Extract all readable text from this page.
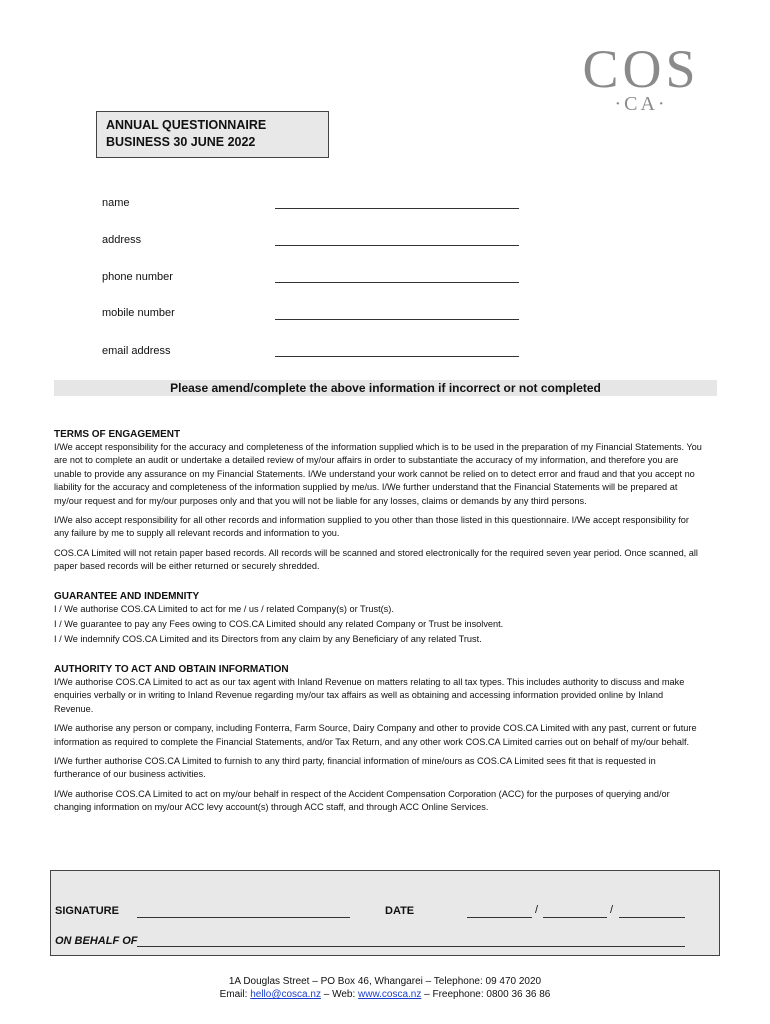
COS
·CA·
ANNUAL QUESTIONNAIRE
BUSINESS 30 JUNE 2022
name
address
phone number
mobile number
email address
Please amend/complete the above information if incorrect or not completed
TERMS OF ENGAGEMENT

I/We accept responsibility for the accuracy and completeness of the information supplied which is to be used in the preparation of my Financial Statements. You are not to complete an audit or undertake a detailed review of my/our affairs in order to substantiate the accuracy of my information, and therefore you are unable to provide any assurance on my Financial Statements. I/We understand your work cannot be relied on to detect error and fraud and that you accept no liability for the accuracy and completeness of the information supplied by me/us. I/We further understand that the Financial Statements will be prepared at my/our request and for my/our purposes only and that you will not be liable for any losses, claims or demands by any third persons.

I/We also accept responsibility for all other records and information supplied to you other than those listed in this questionnaire. I/We accept responsibility for any failure by me to supply all relevant records and information to you.

COS.CA Limited will not retain paper based records. All records will be scanned and stored electronically for the required seven year period. Once scanned, all paper based records will be either returned or securely shredded.

GUARANTEE AND INDEMNITY

I / We authorise COS.CA Limited to act for me / us / related Company(s) or Trust(s).

I / We guarantee to pay any Fees owing to COS.CA Limited should any related Company or Trust be insolvent.

I / We indemnify COS.CA Limited and its Directors from any claim by any Beneficiary of any related Trust.

AUTHORITY TO ACT AND OBTAIN INFORMATION

I/We authorise COS.CA Limited to act as our tax agent with Inland Revenue on matters relating to all tax types. This includes authority to discuss and make enquiries verbally or in writing to Inland Revenue regarding my/our tax affairs as well as obtaining and accessing information provided online by Inland Revenue.

I/We authorise any person or company, including Fonterra, Farm Source, Dairy Company and other to provide COS.CA Limited with any past, current or future information as required to complete the Financial Statements, and/or Tax Return, and any other work COS.CA Limited carries out on behalf of my/our behalf.

I/We further authorise COS.CA Limited to furnish to any third party, financial information of mine/ours as COS.CA Limited sees fit that is requested in furtherance of our business activities.

I/We authorise COS.CA Limited to act on my/our behalf in respect of the Accident Compensation Corporation (ACC) for the purposes of querying and/or changing information on my/our ACC levy account(s) through ACC staff, and through ACC Online Services.

SIGNATURE	DATE	/	/
ON BEHALF OF
1A Douglas Street – PO Box 46, Whangarei – Telephone: 09 470 2020
Email: hello@cosca.nz – Web: www.cosca.nz – Freephone: 0800 36 36 86
